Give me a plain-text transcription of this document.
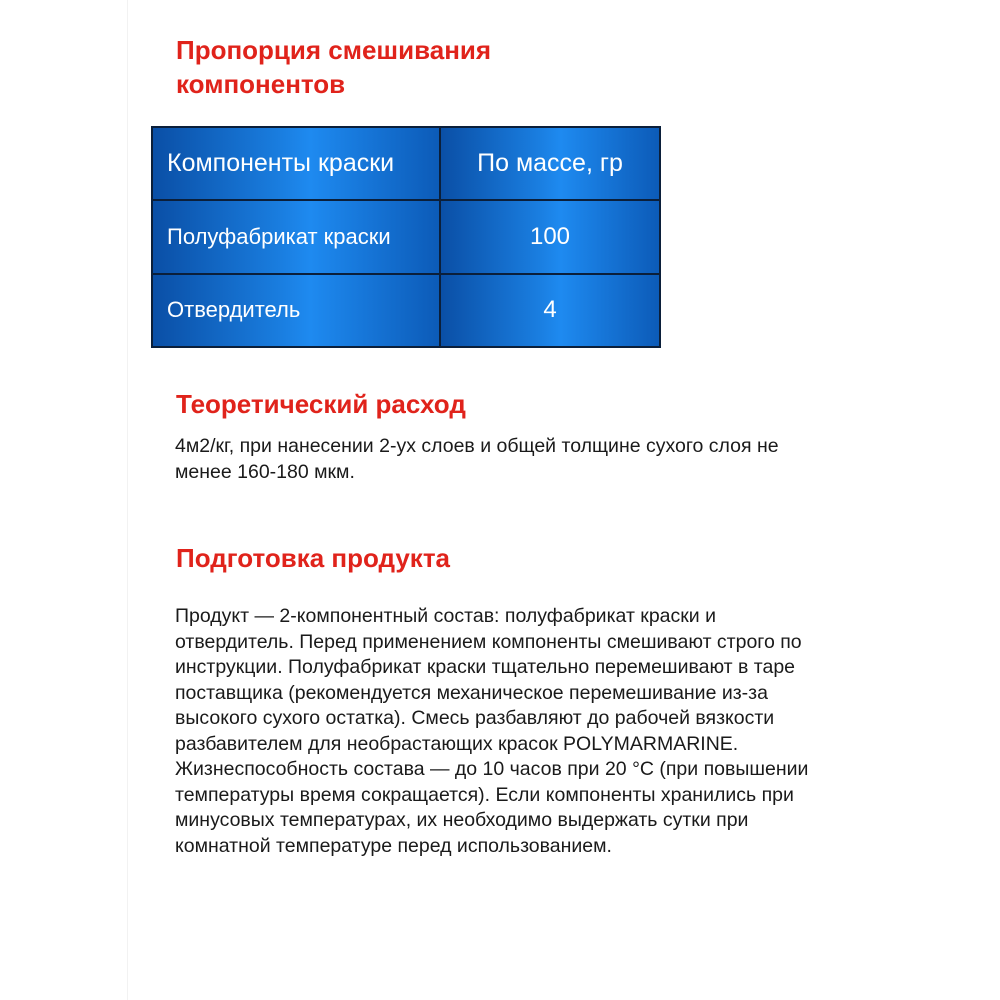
Пропорция смешивания компонентов
Компоненты краски	По массе, гр
Полуфабрикат краски	100
Отвердитель	4
Теоретический расход

4м2/кг, при нанесении 2-ух слоев и общей толщине сухого слоя не менее 160-180 мкм.

Подготовка продукта

Продукт — 2-компонентный состав: полуфабрикат краски и отвердитель. Перед применением компоненты смешивают строго по инструкции. Полуфабрикат краски тщательно перемешивают в таре поставщика (рекомендуется механическое перемешивание из-за высокого сухого остатка). Смесь разбавляют до рабочей вязкости разбавителем для необрастающих красок POLYMARMARINE. Жизнеспособность состава — до 10 часов при 20 °C (при повышении температуры время сокращается). Если компоненты хранились при минусовых температурах, их необходимо выдержать сутки при комнатной температуре перед использованием.
